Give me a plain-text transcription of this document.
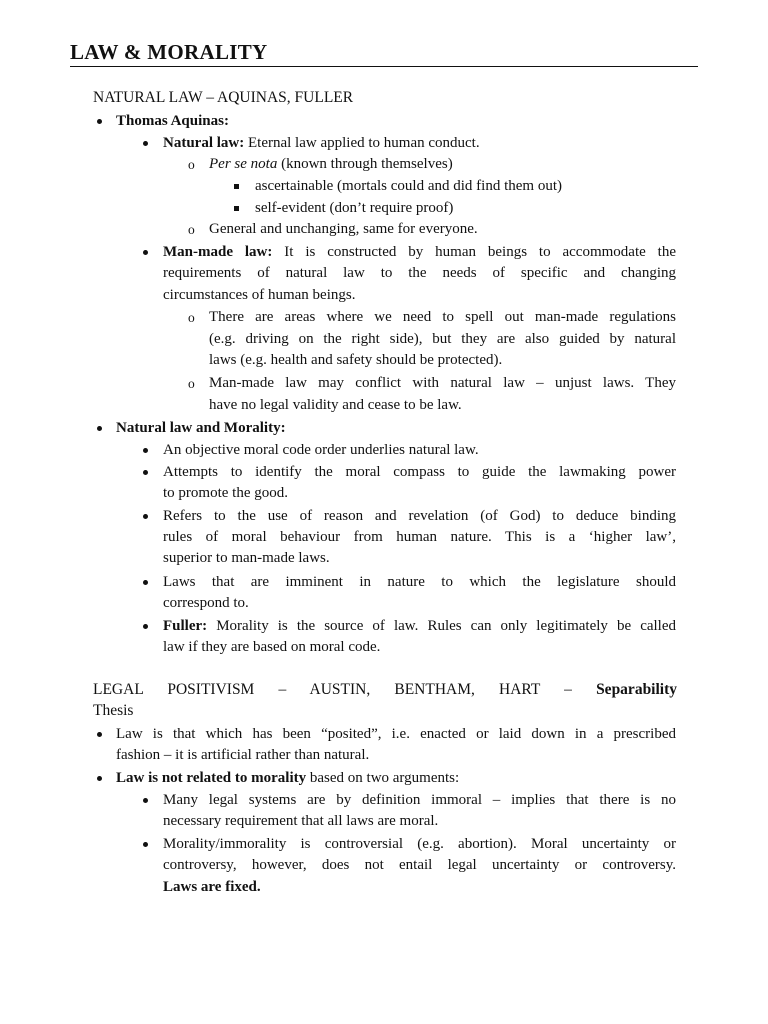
LAW & MORALITY
NATURAL LAW – AQUINAS, FULLER
Thomas Aquinas:
Natural law: Eternal law applied to human conduct.
o Per se nota (known through themselves)
ascertainable (mortals could and did find them out)
self-evident (don’t require proof)
o General and unchanging, same for everyone.
Man-made law: It is constructed by human beings to accommodate the
requirements of natural law to the needs of specific and changing
circumstances of human beings.
o There are areas where we need to spell out man-made regulations
(e.g. driving on the right side), but they are also guided by natural
laws (e.g. health and safety should be protected).
o Man-made law may conflict with natural law – unjust laws. They
have no legal validity and cease to be law.
Natural law and Morality:
An objective moral code order underlies natural law.
Attempts to identify the moral compass to guide the lawmaking power
to promote the good.
Refers to the use of reason and revelation (of God) to deduce binding
rules of moral behaviour from human nature. This is a ‘higher law’,
superior to man-made laws.
Laws that are imminent in nature to which the legislature should
correspond to.
Fuller: Morality is the source of law. Rules can only legitimately be called
law if they are based on moral code.
LEGAL POSITIVISM – AUSTIN, BENTHAM, HART – Separability
Thesis
Law is that which has been “posited”, i.e. enacted or laid down in a prescribed
fashion – it is artificial rather than natural.
Law is not related to morality based on two arguments:
Many legal systems are by definition immoral – implies that there is no
necessary requirement that all laws are moral.
Morality/immorality is controversial (e.g. abortion). Moral uncertainty or
controversy, however, does not entail legal uncertainty or controversy.
Laws are fixed.
